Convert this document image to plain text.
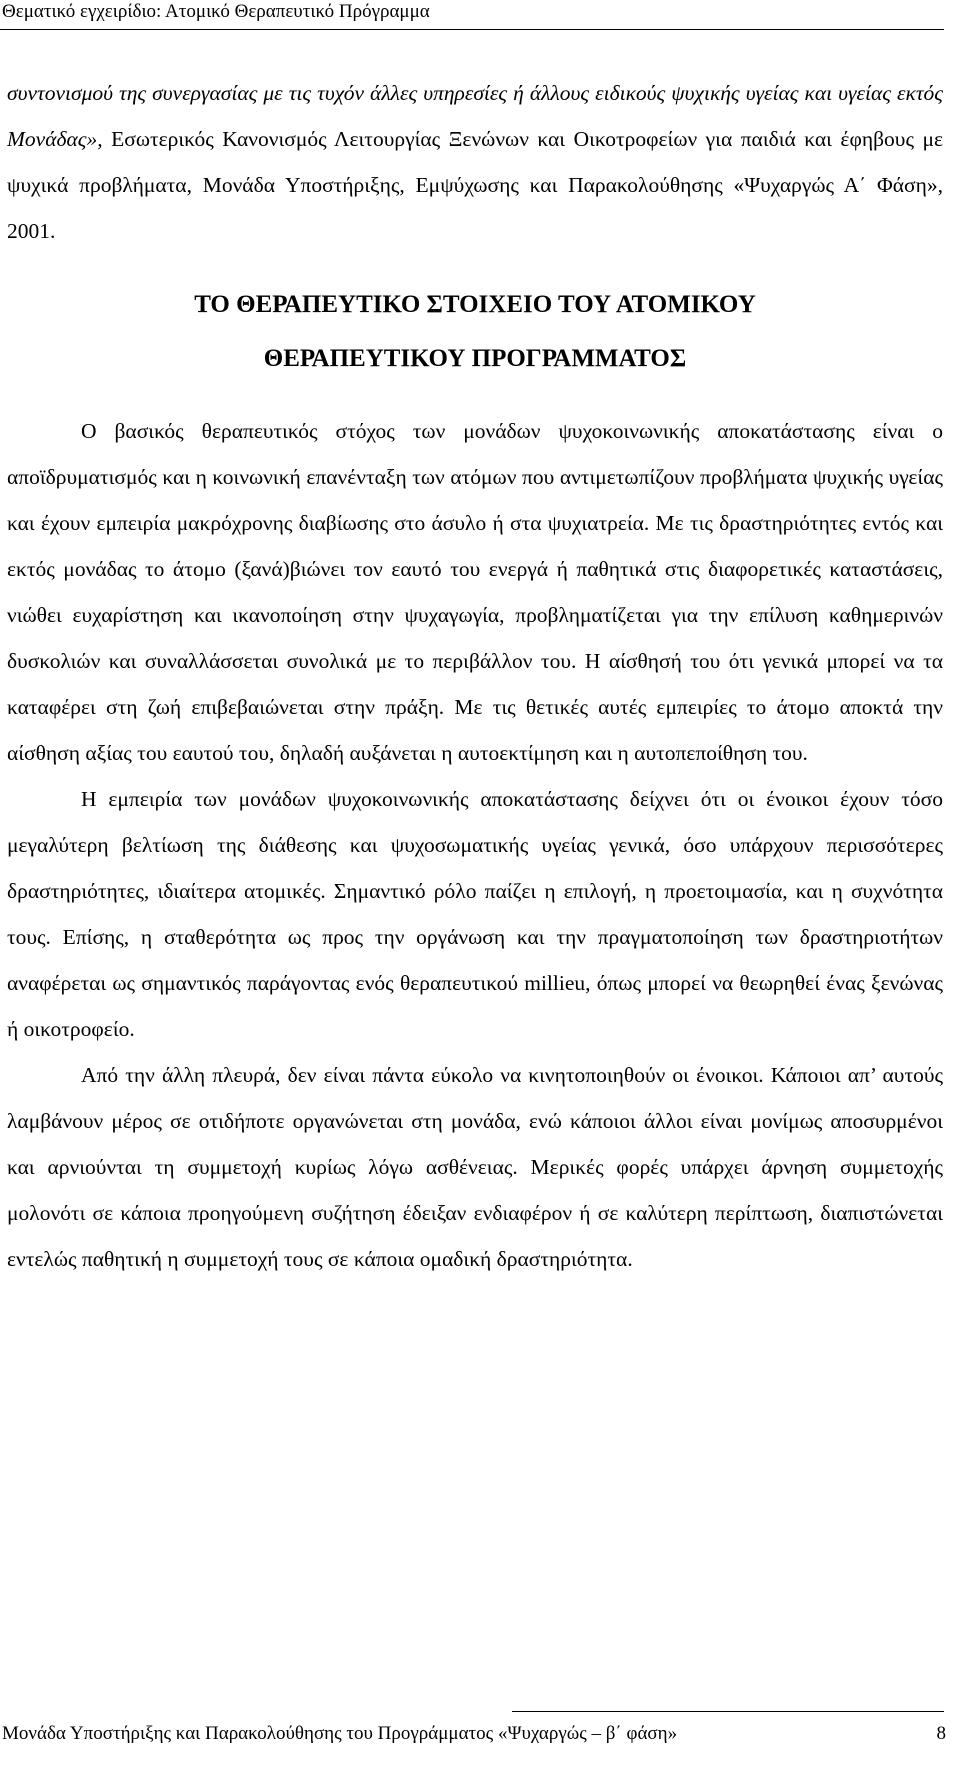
Θεματικό εγχειρίδιο: Ατομικό Θεραπευτικό Πρόγραμμα

συντονισμού της συνεργασίας με τις τυχόν άλλες υπηρεσίες ή άλλους ειδικούς ψυχικής υγείας και υγείας εκτός Μονάδας», Εσωτερικός Κανονισμός Λειτουργίας Ξενώνων και Οικοτροφείων για παιδιά και έφηβους με ψυχικά προβλήματα, Μονάδα Υποστήριξης, Εμψύχωσης και Παρακολούθησης «Ψυχαργώς Α΄ Φάση», 2001.

ΤΟ ΘΕΡΑΠΕΥΤΙΚΟ ΣΤΟΙΧΕΙΟ ΤΟΥ ΑΤΟΜΙΚΟΥ
ΘΕΡΑΠΕΥΤΙΚΟΥ ΠΡΟΓΡΑΜΜΑΤΟΣ

Ο βασικός θεραπευτικός στόχος των μονάδων ψυχοκοινωνικής αποκατάστασης είναι ο αποϊδρυματισμός και η κοινωνική επανένταξη των ατόμων που αντιμετωπίζουν προβλήματα ψυχικής υγείας και έχουν εμπειρία μακρόχρονης διαβίωσης στο άσυλο ή στα ψυχιατρεία. Με τις δραστηριότητες εντός και εκτός μονάδας το άτομο (ξανά)βιώνει τον εαυτό του ενεργά ή παθητικά στις διαφορετικές καταστάσεις, νιώθει ευχαρίστηση και ικανοποίηση στην ψυχαγωγία, προβληματίζεται για την επίλυση καθημερινών δυσκολιών και συναλλάσσεται συνολικά με το περιβάλλον του. Η αίσθησή του ότι γενικά μπορεί να τα καταφέρει στη ζωή επιβεβαιώνεται στην πράξη. Με τις θετικές αυτές εμπειρίες το άτομο αποκτά την αίσθηση αξίας του εαυτού του, δηλαδή αυξάνεται η αυτοεκτίμηση και η αυτοπεποίθηση του.

Η εμπειρία των μονάδων ψυχοκοινωνικής αποκατάστασης δείχνει ότι οι ένοικοι έχουν τόσο μεγαλύτερη βελτίωση της διάθεσης και ψυχοσωματικής υγείας γενικά, όσο υπάρχουν περισσότερες δραστηριότητες, ιδιαίτερα ατομικές. Σημαντικό ρόλο παίζει η επιλογή, η προετοιμασία, και η συχνότητα τους. Επίσης, η σταθερότητα ως προς την οργάνωση και την πραγματοποίηση των δραστηριοτήτων αναφέρεται ως σημαντικός παράγοντας ενός θεραπευτικού millieu, όπως μπορεί να θεωρηθεί ένας ξενώνας ή οικοτροφείο.

Από την άλλη πλευρά, δεν είναι πάντα εύκολο να κινητοποιηθούν οι ένοικοι. Κάποιοι απ’ αυτούς λαμβάνουν μέρος σε οτιδήποτε οργανώνεται στη μονάδα, ενώ κάποιοι άλλοι είναι μονίμως αποσυρμένοι και αρνιούνται τη συμμετοχή κυρίως λόγω ασθένειας. Μερικές φορές υπάρχει άρνηση συμμετοχής μολονότι σε κάποια προηγούμενη συζήτηση έδειξαν ενδιαφέρον ή σε καλύτερη περίπτωση, διαπιστώνεται εντελώς παθητική η συμμετοχή τους σε κάποια ομαδική δραστηριότητα.

Μονάδα Υποστήριξης και Παρακολούθησης του Προγράμματος «Ψυχαργώς – β΄ φάση»	8
